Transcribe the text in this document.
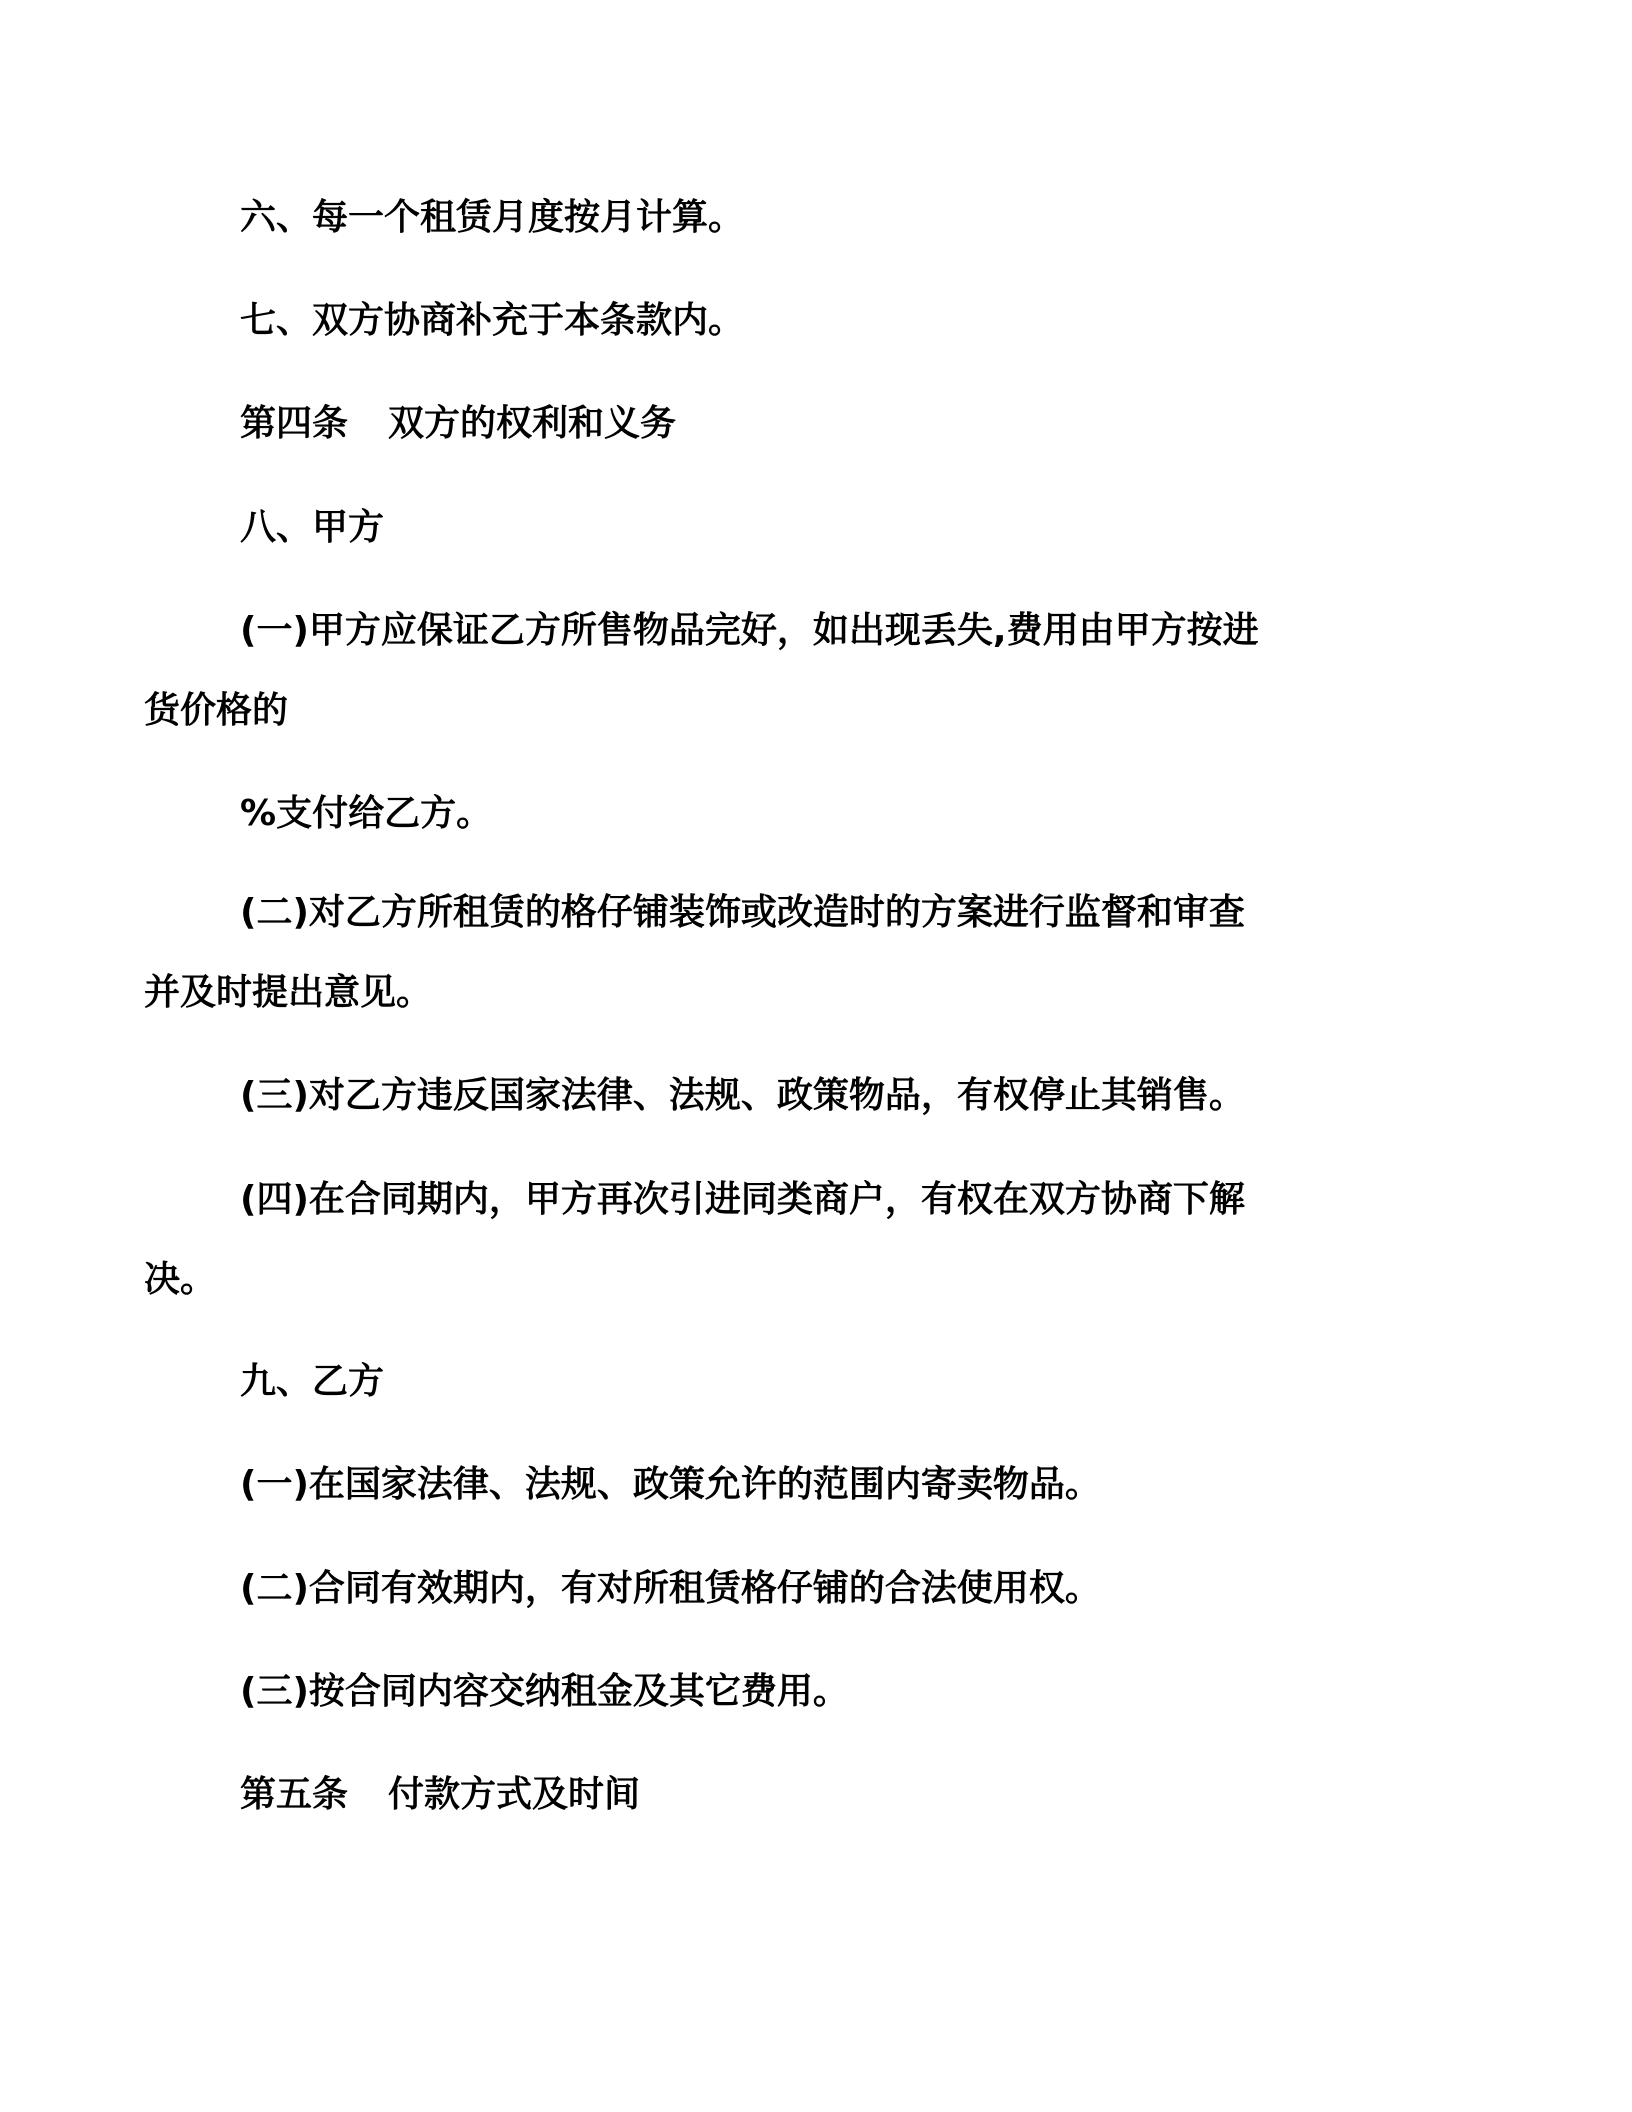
六、每一个租赁月度按月计算。

七、双方协商补充于本条款内。

第四条 双方的权利和义务

八、甲方

(一)甲方应保证乙方所售物品完好，如出现丢失,费用由甲方按进
货价格的

%支付给乙方。

(二)对乙方所租赁的格仔铺装饰或改造时的方案进行监督和审查
并及时提出意见。

(三)对乙方违反国家法律、法规、政策物品，有权停止其销售。

(四)在合同期内，甲方再次引进同类商户，有权在双方协商下解
决。

九、乙方

(一)在国家法律、法规、政策允许的范围内寄卖物品。

(二)合同有效期内，有对所租赁格仔铺的合法使用权。

(三)按合同内容交纳租金及其它费用。

第五条 付款方式及时间
